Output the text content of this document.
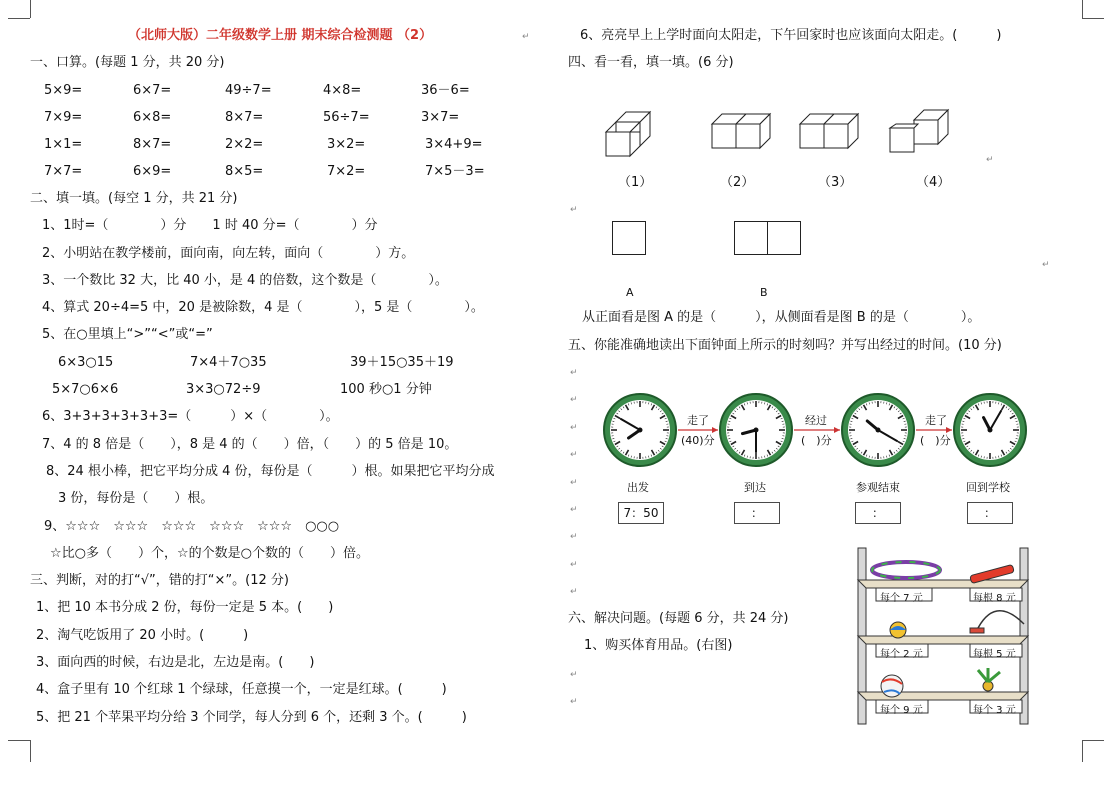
（北师大版）二年级数学上册 期末综合检测题 （2）	↵
一、口算。(每题 1 分，共 20 分)
5×9=	6×7=	49÷7=	4×8=	36－6=
7×9=	6×8=	8×7=	56÷7=	3×7=
1×1=	8×7=	2×2=	3×2=	3×4+9=
7×7=	6×9=	8×5=	7×2=	7×5－3=
二、填一填。(每空 1 分，共 21 分)
1、1时=（　　　　）分　　1 时 40 分=（　　　　）分
2、小明站在教学楼前，面向南，向左转，面向（　　　　）方。
3、一个数比 32 大，比 40 小，是 4 的倍数，这个数是（　　　　）。
4、算式 20÷4=5 中，20 是被除数，4 是（　　　　），5 是（　　　　）。
5、在○里填上“>”“<”或“=”
6×3○15	7×4＋7○35	39＋15○35＋19
5×7○6×6	3×3○72÷9	100 秒○1 分钟
6、3+3+3+3+3+3=（　　　）×（　　　　）。
7、4 的 8 倍是（　　），8 是 4 的（　　）倍，（　　）的 5 倍是 10。
8、24 根小棒，把它平均分成 4 份，每份是（　　　）根。如果把它平均分成
3 份，每份是（　　）根。
9、☆☆☆　☆☆☆　☆☆☆　☆☆☆　☆☆☆　○○○
☆比○多（　　）个，☆的个数是○个数的（　　）倍。
三、判断，对的打“√”，错的打“×”。(12 分)
1、把 10 本书分成 2 份，每份一定是 5 本。(　　)
2、淘气吃饭用了 20 小时。(　　　)
3、面向西的时候，右边是北，左边是南。(　　)
4、盒子里有 10 个红球 1 个绿球，任意摸一个，一定是红球。(　　　)
5、把 21 个苹果平均分给 3 个同学，每人分到 6 个，还剩 3 个。(　　　)
6、亮亮早上上学时面向太阳走，下午回家时也应该面向太阳走。(　　　)
四、看一看，填一填。(6 分)
（1）	（2）	（3）	（4）
A	B
从正面看是图 A 的是（　　　），从侧面看是图 B 的是（　　　　）。
五、你能准确地读出下面钟面上所示的时刻吗？并写出经过的时间。(10 分)
走了
(40)分
经过
(　)分
走了
(　)分
出发	到达	参观结束	回到学校
7：50	：	：	：
六、解决问题。(每题 6 分，共 24 分)
1、购买体育用品。(右图)
每个 7 元	每根 8 元
每个 2 元	每根 5 元
每个 9 元	每个 3 元
↵
↵
↵
↵
↵
↵
↵
↵
↵
↵
↵
↵
↵
↵
